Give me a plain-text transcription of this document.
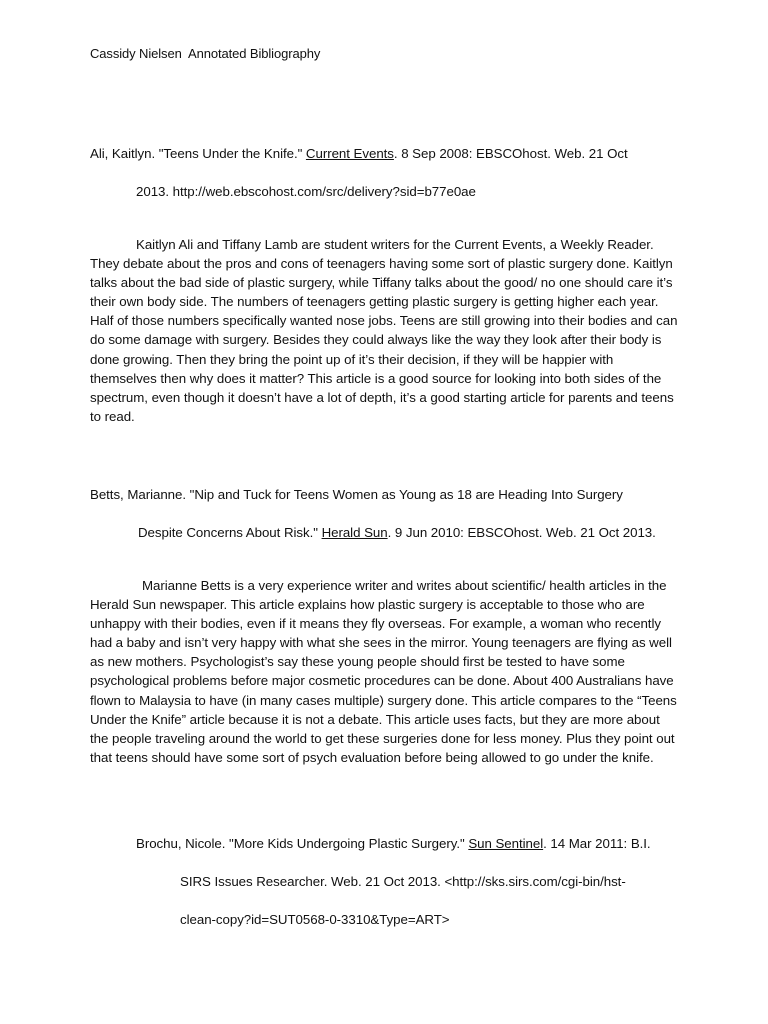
Cassidy Nielsen  Annotated Bibliography
Ali, Kaitlyn. "Teens Under the Knife." Current Events. 8 Sep 2008: EBSCOhost. Web. 21 Oct
2013. http://web.ebscohost.com/src/delivery?sid=b77e0ae
Kaitlyn Ali and Tiffany Lamb are student writers for the Current Events, a Weekly Reader. They debate about the pros and cons of teenagers having some sort of plastic surgery done. Kaitlyn talks about the bad side of plastic surgery, while Tiffany talks about the good/ no one should care it’s their own body side. The numbers of teenagers getting plastic surgery is getting higher each year. Half of those numbers specifically wanted nose jobs. Teens are still growing into their bodies and can do some damage with surgery. Besides they could always like the way they look after their body is done growing. Then they bring the point up of it’s their decision, if they will be happier with themselves then why does it matter? This article is a good source for looking into both sides of the spectrum, even though it doesn’t have a lot of depth, it’s a good starting article for parents and teens to read.
Betts, Marianne. "Nip and Tuck for Teens Women as Young as 18 are Heading Into Surgery
Despite Concerns About Risk." Herald Sun. 9 Jun 2010: EBSCOhost. Web. 21 Oct 2013.
Marianne Betts is a very experience writer and writes about scientific/ health articles in the Herald Sun newspaper. This article explains how plastic surgery is acceptable to those who are unhappy with their bodies, even if it means they fly overseas. For example, a woman who recently had a baby and isn’t very happy with what she sees in the mirror. Young teenagers are flying as well as new mothers. Psychologist’s say these young people should first be tested to have some psychological problems before major cosmetic procedures can be done. About 400 Australians have flown to Malaysia to have (in many cases multiple) surgery done. This article compares to the “Teens Under the Knife” article because it is not a debate. This article uses facts, but they are more about the people traveling around the world to get these surgeries done for less money. Plus they point out that teens should have some sort of psych evaluation before being allowed to go under the knife.
Brochu, Nicole. "More Kids Undergoing Plastic Surgery." Sun Sentinel. 14 Mar 2011: B.I.
SIRS Issues Researcher. Web. 21 Oct 2013. <http://sks.sirs.com/cgi-bin/hst-
clean-copy?id=SUT0568-0-3310&Type=ART>
